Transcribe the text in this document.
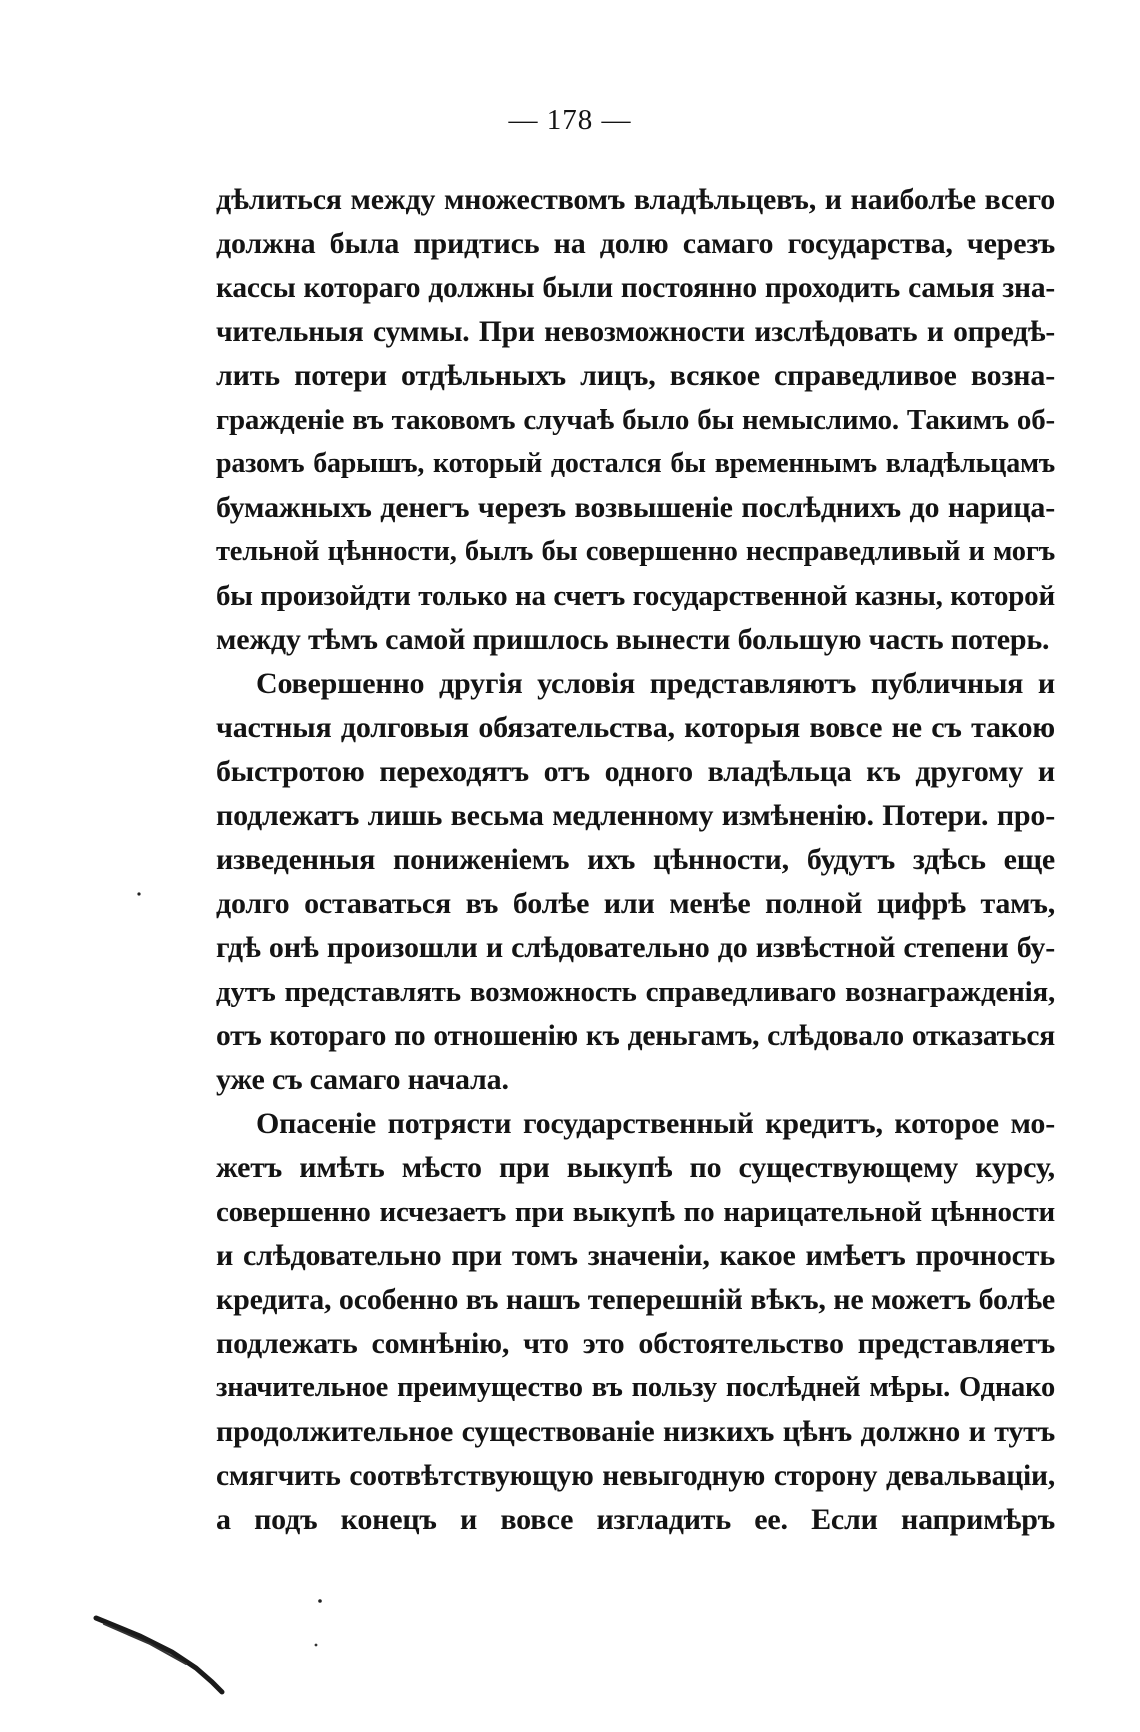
— 178 —
дѣлиться между множествомъ владѣльцевъ, и наиболѣе всего
должна была придтись на долю самаго государства, черезъ
кассы котораго должны были постоянно проходить самыя зна-
чительныя суммы. При невозможности изслѣдовать и опредѣ-
лить потери отдѣльныхъ лицъ, всякое справедливое возна-
гражденіе въ таковомъ случаѣ было бы немыслимо. Такимъ об-
разомъ барышъ, который достался бы временнымъ владѣльцамъ
бумажныхъ денегъ черезъ возвышеніе послѣднихъ до нарица-
тельной цѣнности, былъ бы совершенно несправедливый и могъ
бы произойдти только на счетъ государственной казны, которой
между тѣмъ самой пришлось вынести большую часть потерь.
Совершенно другія условія представляютъ публичныя и
частныя долговыя обязательства, которыя вовсе не съ такою
быстротою переходятъ отъ одного владѣльца къ другому и
подлежатъ лишь весьма медленному измѣненію. Потери. про-
изведенныя пониженіемъ ихъ цѣнности, будутъ здѣсь еще
долго оставаться въ болѣе или менѣе полной цифрѣ тамъ,
гдѣ онѣ произошли и слѣдовательно до извѣстной степени бу-
дутъ представлять возможность справедливаго вознагражденія,
отъ котораго по отношенію къ деньгамъ, слѣдовало отказаться
уже съ самаго начала.
Опасеніе потрясти государственный кредитъ, которое мо-
жетъ имѣть мѣсто при выкупѣ по существующему курсу,
совершенно исчезаетъ при выкупѣ по нарицательной цѣнности
и слѣдовательно при томъ значеніи, какое имѣетъ прочность
кредита, особенно въ нашъ теперешній вѣкъ, не можетъ болѣе
подлежать сомнѣнію, что это обстоятельство представляетъ
значительное преимущество въ пользу послѣдней мѣры. Однако
продолжительное существованіе низкихъ цѣнъ должно и тутъ
смягчить соотвѣтствующую невыгодную сторону девальваціи,
а подъ конецъ и вовсе изгладить ее. Если напримѣръ
